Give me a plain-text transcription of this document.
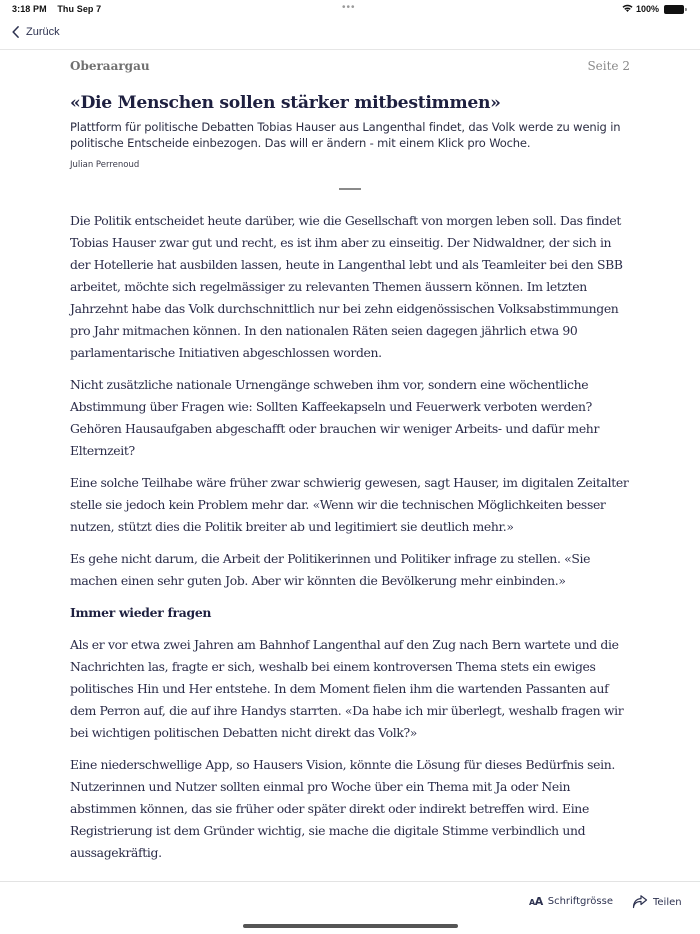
3:18 PM Thu Sep 7	•••	100%
Zurück
Oberaargau	Seite 2
«Die Menschen sollen stärker mitbestimmen»
Plattform für politische Debatten Tobias Hauser aus Langenthal findet, das Volk werde zu wenig in politische Entscheide einbezogen. Das will er ändern - mit einem Klick pro Woche.
Julian Perrenoud

Die Politik entscheidet heute darüber, wie die Gesellschaft von morgen leben soll. Das findet Tobias Hauser zwar gut und recht, es ist ihm aber zu einseitig. Der Nidwaldner, der sich in der Hotellerie hat ausbilden lassen, heute in Langenthal lebt und als Teamleiter bei den SBB arbeitet, möchte sich regelmässiger zu relevanten Themen äussern können. Im letzten Jahrzehnt habe das Volk durchschnittlich nur bei zehn eidgenössischen Volksabstimmungen pro Jahr mitmachen können. In den nationalen Räten seien dagegen jährlich etwa 90 parlamentarische Initiativen abgeschlossen worden.

Nicht zusätzliche nationale Urnengänge schweben ihm vor, sondern eine wöchentliche Abstimmung über Fragen wie: Sollten Kaffeekapseln und Feuerwerk verboten werden? Gehören Hausaufgaben abgeschafft oder brauchen wir weniger Arbeits- und dafür mehr Elternzeit?

Eine solche Teilhabe wäre früher zwar schwierig gewesen, sagt Hauser, im digitalen Zeitalter stelle sie jedoch kein Problem mehr dar. «Wenn wir die technischen Möglichkeiten besser nutzen, stützt dies die Politik breiter ab und legitimiert sie deutlich mehr.»

Es gehe nicht darum, die Arbeit der Politikerinnen und Politiker infrage zu stellen. «Sie machen einen sehr guten Job. Aber wir könnten die Bevölkerung mehr einbinden.»

Immer wieder fragen

Als er vor etwa zwei Jahren am Bahnhof Langenthal auf den Zug nach Bern wartete und die Nachrichten las, fragte er sich, weshalb bei einem kontroversen Thema stets ein ewiges politisches Hin und Her entstehe. In dem Moment fielen ihm die wartenden Passanten auf dem Perron auf, die auf ihre Handys starrten. «Da habe ich mir überlegt, weshalb fragen wir bei wichtigen politischen Debatten nicht direkt das Volk?»

Eine niederschwellige App, so Hausers Vision, könnte die Lösung für dieses Bedürfnis sein. Nutzerinnen und Nutzer sollten einmal pro Woche über ein Thema mit Ja oder Nein abstimmen können, das sie früher oder später direkt oder indirekt betreffen wird. Eine Registrierung ist dem Gründer wichtig, sie mache die digitale Stimme verbindlich und aussagekräftig.

AA Schriftgrösse	Teilen
